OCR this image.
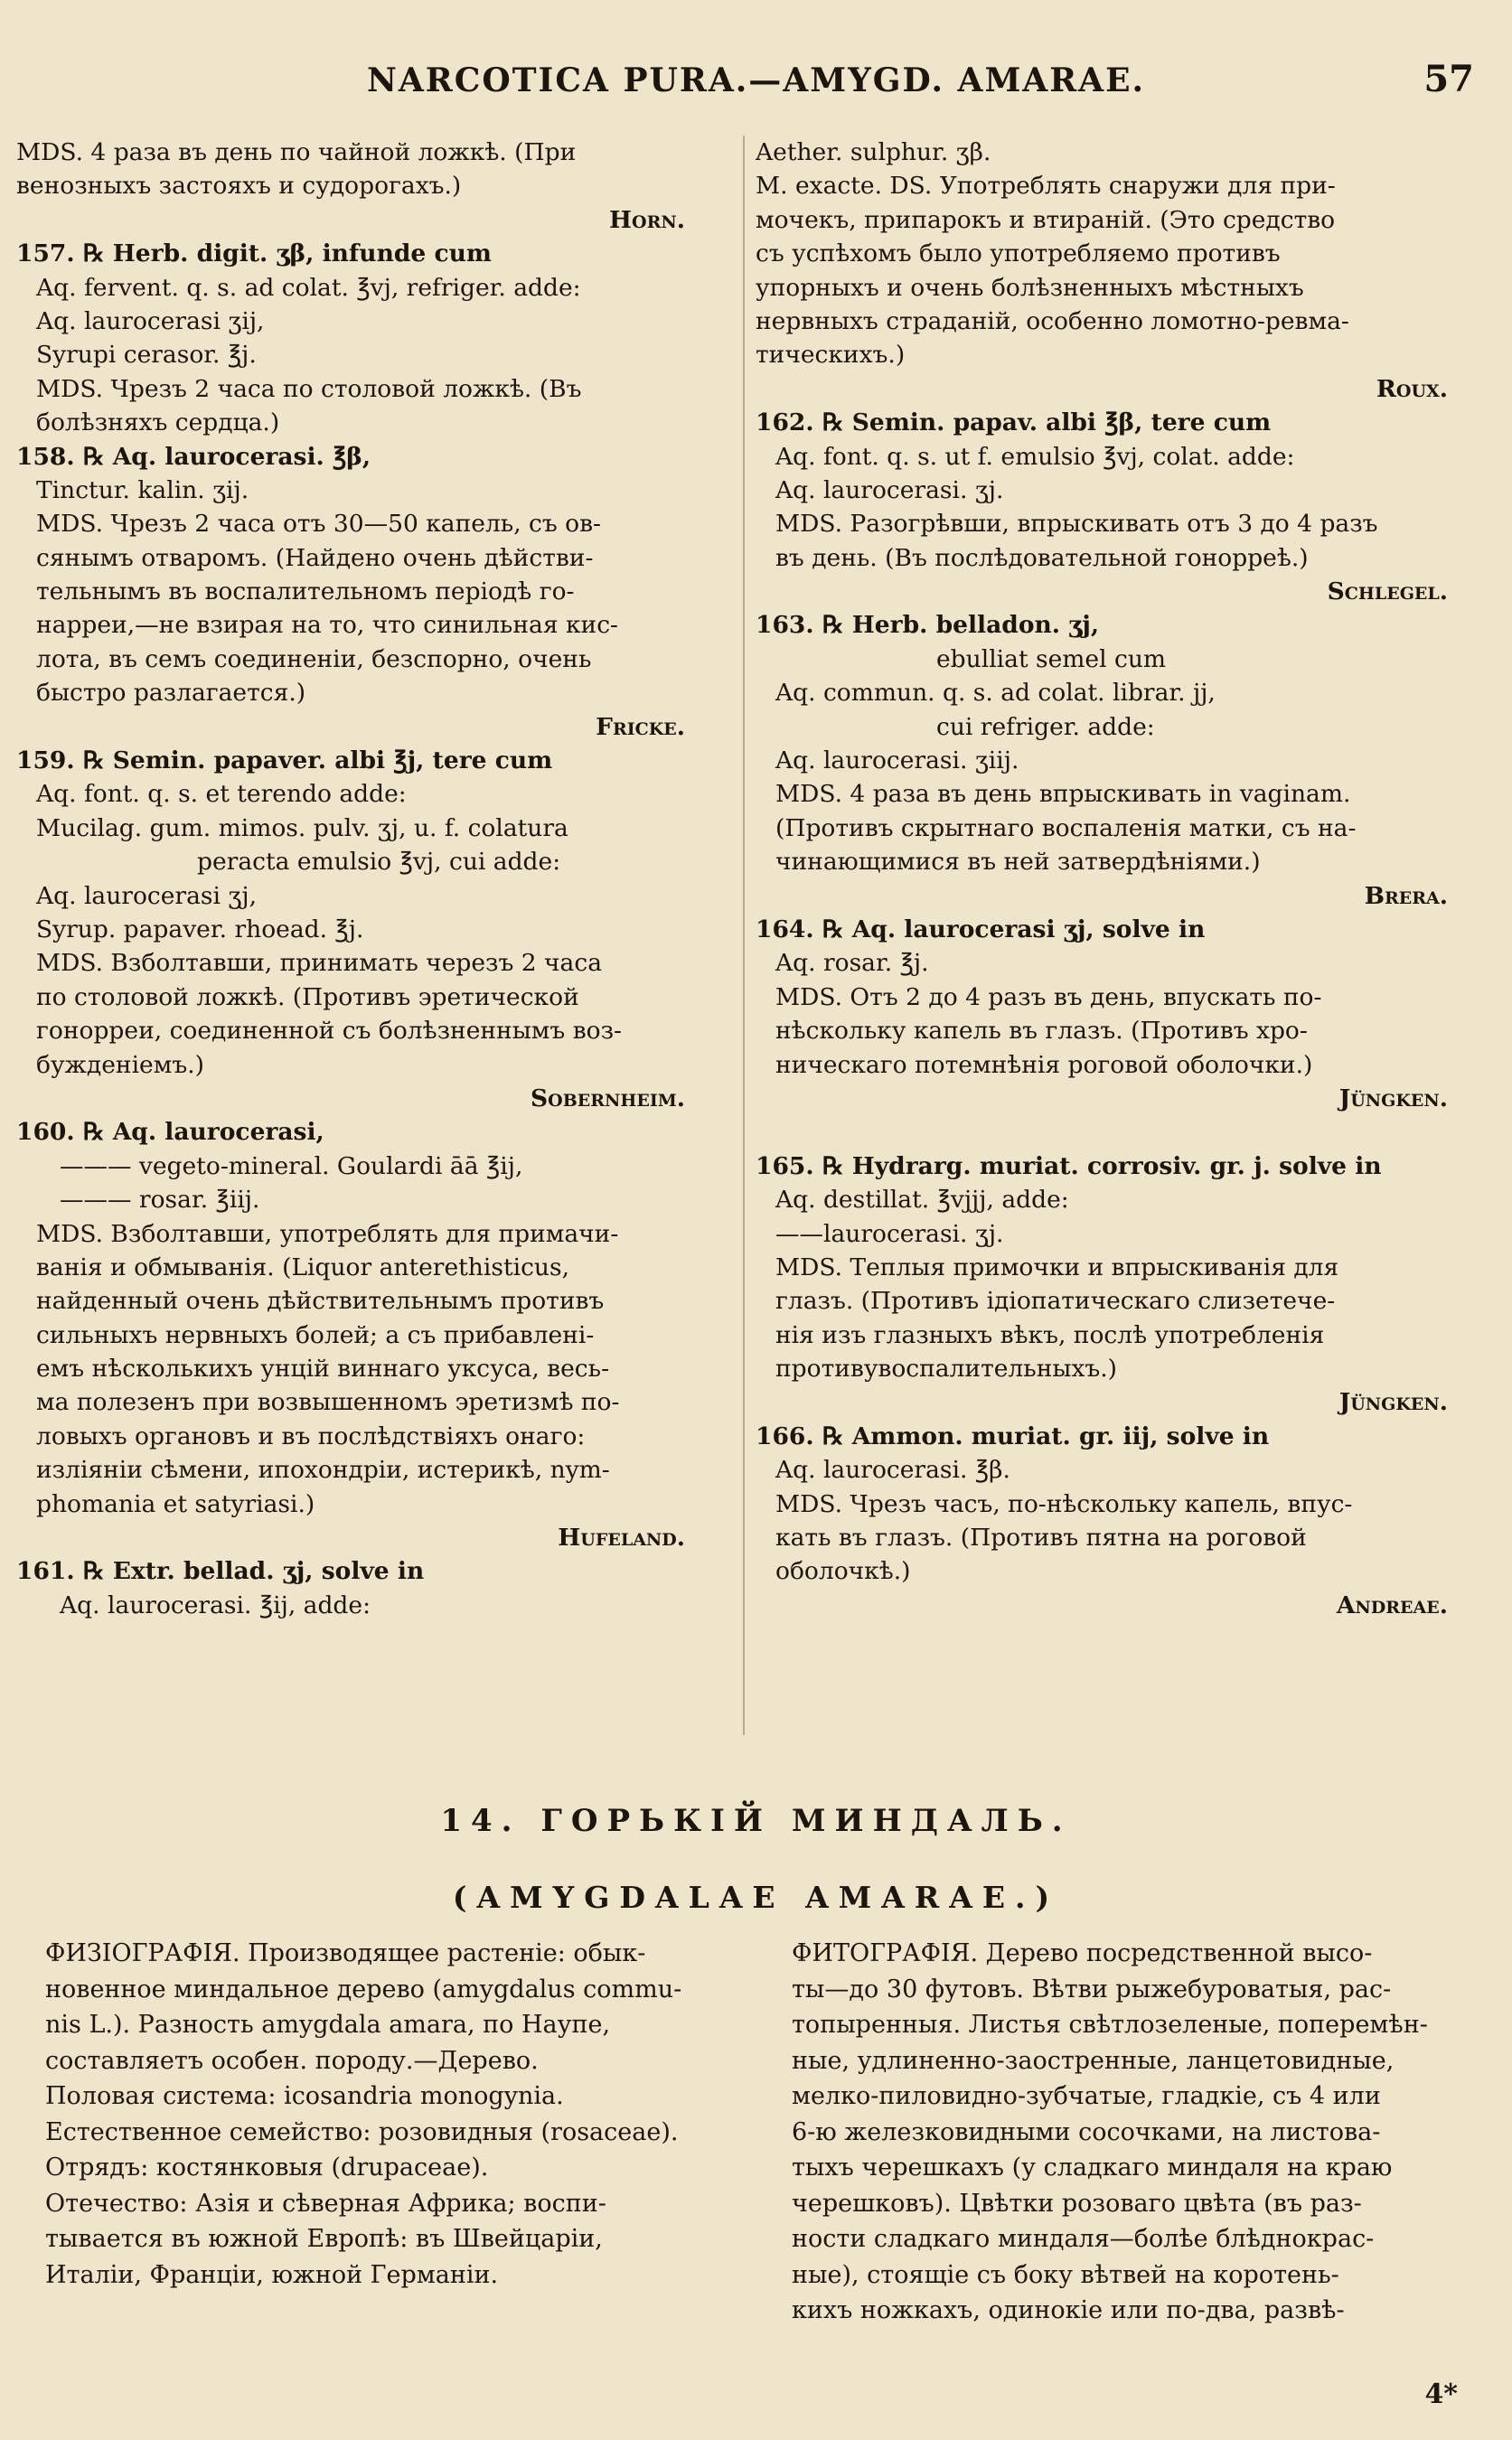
NARCOTICA PURA.—AMYGD. AMARAE.	57
MDS. 4 раза въ день по чайной ложкѣ. (При
венозныхъ застояхъ и судорогахъ.)
Horn.
157. ℞ Herb. digit. ʒβ, infunde cum
Aq. fervent. q. s. ad colat. ℥vj, refriger. adde:
Aq. laurocerasi ʒij,
Syrupi cerasor. ℥j.
MDS. Чрезъ 2 часа по столовой ложкѣ. (Въ
болѣзняхъ сердца.)
158. ℞ Aq. laurocerasi. ℥β,
Tinctur. kalin. ʒij.
MDS. Чрезъ 2 часа отъ 30—50 капель, съ ов-
сянымъ отваромъ. (Найдено очень дѣйстви-
тельнымъ въ воспалительномъ періодѣ го-
нарреи,—не взирая на то, что синильная кис-
лота, въ семъ соединеніи, безспорно, очень
быстро разлагается.)
Fricke.
159. ℞ Semin. papaver. albi ℥j, tere cum
Aq. font. q. s. et terendo adde:
Mucilag. gum. mimos. pulv. ʒj, u. f. colatura
peracta emulsio ℥vj, cui adde:
Aq. laurocerasi ʒj,
Syrup. papaver. rhoead. ℥j.
MDS. Взболтавши, принимать черезъ 2 часа
по столовой ложкѣ. (Противъ эретической
гонорреи, соединенной съ болѣзненнымъ воз-
бужденіемъ.)
Sobernheim.
160. ℞ Aq. laurocerasi,
——— vegeto-mineral. Goulardi āā ℥ij,
——— rosar. ℥iij.
MDS. Взболтавши, употреблять для примачи-
ванія и обмыванія. (Liquor anterethisticus,
найденный очень дѣйствительнымъ противъ
сильныхъ нервныхъ болей; а съ прибавлені-
емъ нѣсколькихъ унцій виннаго уксуса, весь-
ма полезенъ при возвышенномъ эретизмѣ по-
ловыхъ органовъ и въ послѣдствіяхъ онаго:
изліяніи сѣмени, ипохондріи, истерикѣ, nym-
phomania et satyriasi.)
Hufeland.
161. ℞ Extr. bellad. ʒj, solve in
Aq. laurocerasi. ℥ij, adde:
Aether. sulphur. ʒβ.
M. exacte. DS. Употреблять снаружи для при-
мочекъ, припарокъ и втираній. (Это средство
съ успѣхомъ было употребляемо противъ
упорныхъ и очень болѣзненныхъ мѣстныхъ
нервныхъ страданій, особенно ломотно-ревма-
тическихъ.)
Roux.
162. ℞ Semin. papav. albi ℥β, tere cum
Aq. font. q. s. ut f. emulsio ℥vj, colat. adde:
Aq. laurocerasi. ʒj.
MDS. Разогрѣвши, впрыскивать отъ 3 до 4 разъ
въ день. (Въ послѣдовательной гонорреѣ.)
Schlegel.
163. ℞ Herb. belladon. ʒj,
ebulliat semel cum
Aq. commun. q. s. ad colat. librar. jj,
cui refriger. adde:
Aq. laurocerasi. ʒiij.
MDS. 4 раза въ день впрыскивать in vaginam.
(Противъ скрытнаго воспаленія матки, съ на-
чинающимися въ ней затвердѣніями.)
Brera.
164. ℞ Aq. laurocerasi ʒj, solve in
Aq. rosar. ℥j.
MDS. Отъ 2 до 4 разъ въ день, впускать по-
нѣскольку капель въ глазъ. (Противъ хро-
ническаго потемнѣнія роговой оболочки.)
Jüngken.
165. ℞ Hydrarg. muriat. corrosiv. gr. j. solve in
Aq. destillat. ℥vjjj, adde:
——laurocerasi. ʒj.
MDS. Теплыя примочки и впрыскиванія для
глазъ. (Противъ ідіопатическаго слизетече-
нія изъ глазныхъ вѣкъ, послѣ употребленія
противувоспалительныхъ.)
Jüngken.
166. ℞ Ammon. muriat. gr. iij, solve in
Aq. laurocerasi. ℥β.
MDS. Чрезъ часъ, по-нѣскольку капель, впус-
кать въ глазъ. (Противъ пятна на роговой
оболочкѣ.)
Andreae.
14. ГОРЬКІЙ МИНДАЛЬ.
(AMYGDALAE AMARAE.)
ФИЗІОГРАФІЯ. Производящее растеніе: обык-
новенное миндальное дерево (amygdalus commu-
nis L.). Разность amygdala amara, по Наупе,
составляетъ особен. породу.—Дерево.
Половая система: icosandria monogynia.
Естественное семейство: розовидныя (rosaceae).
Отрядъ: костянковыя (drupaceae).
Отечество: Азія и сѣверная Африка; воспи-
тывается въ южной Европѣ: въ Швейцаріи,
Италіи, Франціи, южной Германіи.
ФИТОГРАФІЯ. Дерево посредственной высо-
ты—до 30 футовъ. Вѣтви рыжебуроватыя, рас-
топыренныя. Листья свѣтлозеленые, поперемѣн-
ные, удлиненно-заостренные, ланцетовидные,
мелко-пиловидно-зубчатые, гладкіе, съ 4 или
6-ю железковидными сосочками, на листова-
тыхъ черешкахъ (у сладкаго миндаля на краю
черешковъ). Цвѣтки розоваго цвѣта (въ раз-
ности сладкаго миндаля—болѣе блѣднокрас-
ные), стоящіе съ боку вѣтвей на коротень-
кихъ ножкахъ, одинокіе или по-два, развѣ-
4*
